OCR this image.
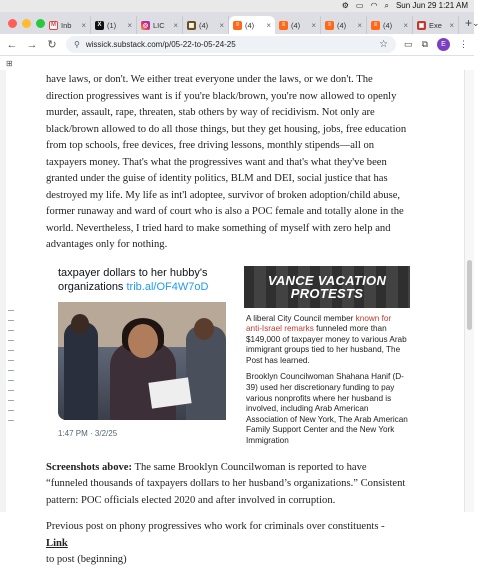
⚙ ▭ ◠ ⌕ Sun Jun 29 1:21 AM
M Inb ×	X (1) ×	◎ LIC × ▦ (4) ×	≡ (4) ×	≡ (4) ×	≡ (4) ×	≡ (4) × ▣ Exe × + ⌄
← → ↻ ⚲ wissick.substack.com/p/05-22-to-05-24-25	☆ ▭ ⧉	E	⋮
⊞

have laws, or don't. We either treat everyone under the laws, or we don't. The direction progressives want is if you're black/brown, you're now allowed to openly murder, assault, rape, threaten, stab others by way of recidivism. Not only are black/brown allowed to do all those things, but they get housing, jobs, free education from top schools, free devices, free driving lessons, monthly stipends—all on taxpayers money. That's what the progressives want and that's what they've been granted under the guise of identity politics, BLM and DEI, social justice that has destroyed my life. My life as int'l adoptee, survivor of broken adoption/child abuse, former runaway and ward of court who is also a POC female and totally alone in the world. Nevertheless, I tried hard to make something of myself with zero help and advantages only for nothing.

taxpayer dollars to her hubby's organizations trib.al/OF4W7oD
1:47 PM · 3/2/25
VANCE VACATION PROTESTS

A liberal City Council member known for anti-Israel remarks funneled more than $149,000 of taxpayer money to various Arab immigrant groups tied to her husband, The Post has learned.

Brooklyn Councilwoman Shahana Hanif (D-39) used her discretionary funding to pay various nonprofits where her husband is involved, including Arab American Association of New York, The Arab American Family Support Center and the New York Immigration

Screenshots above: The same Brooklyn Councilwoman is reported to have “funneled thousands of taxpayers dollars to her husband’s organizations.” Consistent pattern: POC officials elected 2020 and after involved in corruption.

Previous post on phony progressives who work for criminals over constituents - Link
to post (beginning)
